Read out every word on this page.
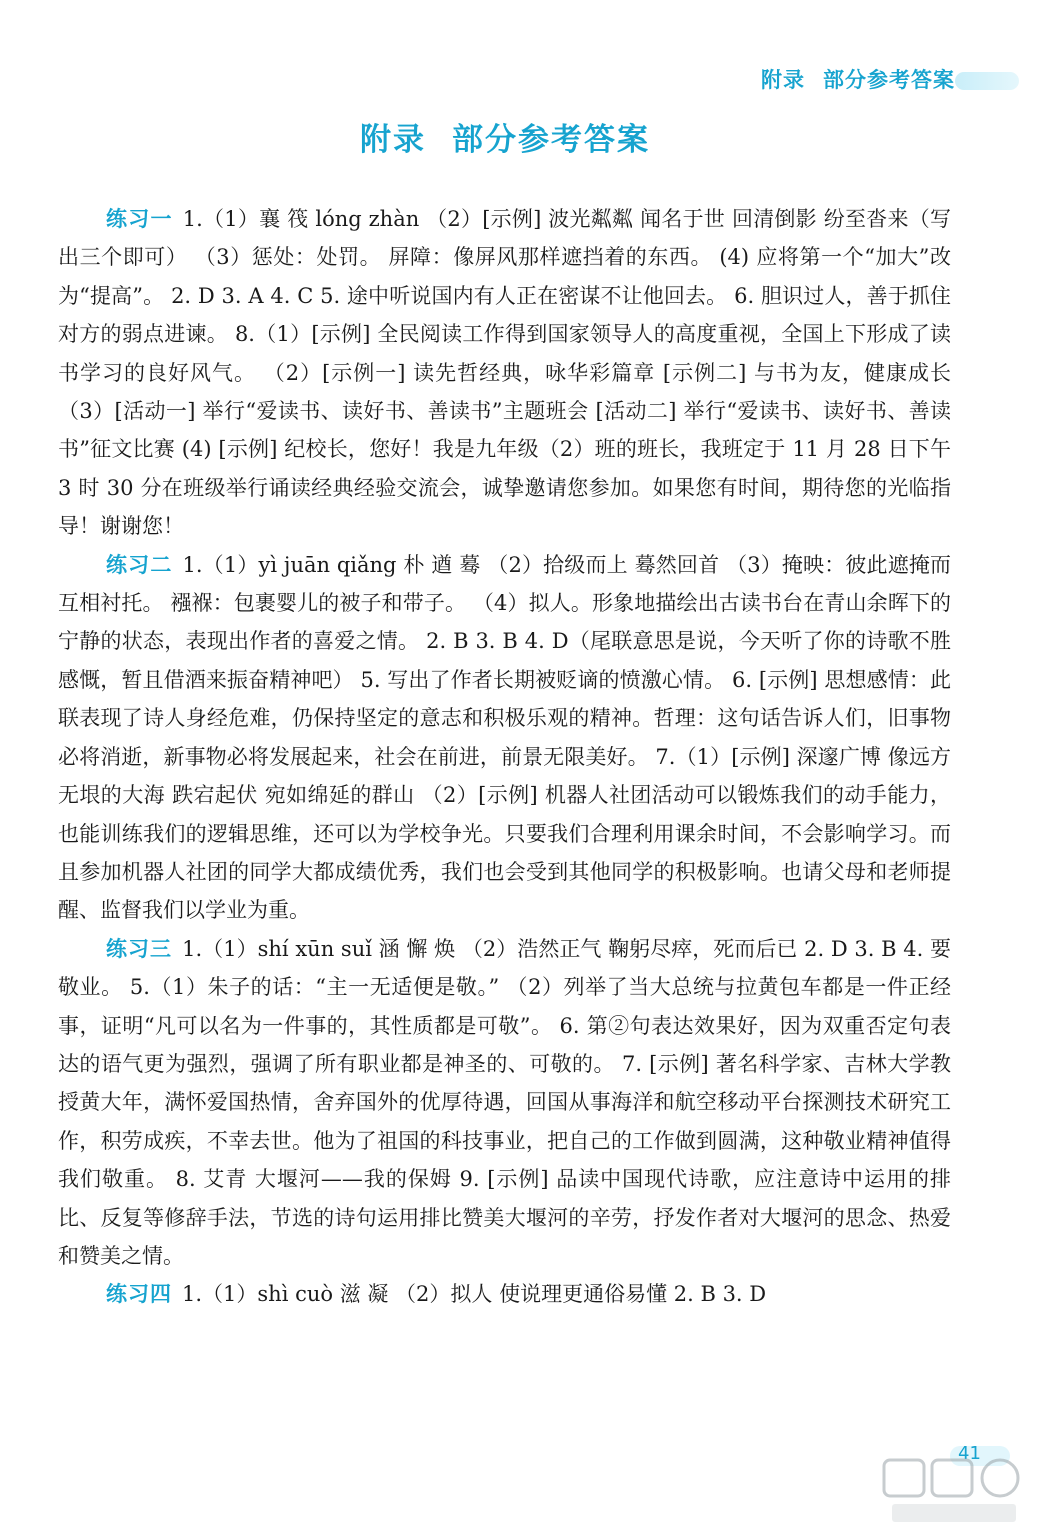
附录 部分参考答案
附录 部分参考答案

练习一 1.（1）襄 筏 lóng zhàn （2）[示例] 波光粼粼 闻名于世 回清倒影 纷至沓来（写出三个即可） （3）惩处：处罚。 屏障：像屏风那样遮挡着的东西。 (4) 应将第一个“加大”改为“提高”。 2. D 3. A 4. C 5. 途中听说国内有人正在密谋不让他回去。 6. 胆识过人，善于抓住对方的弱点进谏。 8.（1）[示例] 全民阅读工作得到国家领导人的高度重视，全国上下形成了读书学习的良好风气。 （2）[示例一] 读先哲经典，咏华彩篇章 [示例二] 与书为友，健康成长 （3）[活动一] 举行“爱读书、读好书、善读书”主题班会 [活动二] 举行“爱读书、读好书、善读书”征文比赛 (4) [示例] 纪校长，您好！我是九年级（2）班的班长，我班定于 11 月 28 日下午 3 时 30 分在班级举行诵读经典经验交流会，诚挚邀请您参加。如果您有时间，期待您的光临指导！谢谢您！

练习二 1.（1）yì juān qiǎng 朴 遒 蓦 （2）拾级而上 蓦然回首 （3）掩映：彼此遮掩而互相衬托。 襁褓：包裹婴儿的被子和带子。 （4）拟人。形象地描绘出古读书台在青山余晖下的宁静的状态，表现出作者的喜爱之情。 2. B 3. B 4. D（尾联意思是说，今天听了你的诗歌不胜感慨，暂且借酒来振奋精神吧） 5. 写出了作者长期被贬谪的愤激心情。 6. [示例] 思想感情：此联表现了诗人身经危难，仍保持坚定的意志和积极乐观的精神。哲理：这句话告诉人们，旧事物必将消逝，新事物必将发展起来，社会在前进，前景无限美好。 7.（1）[示例] 深邃广博 像远方无垠的大海 跌宕起伏 宛如绵延的群山 （2）[示例] 机器人社团活动可以锻炼我们的动手能力，也能训练我们的逻辑思维，还可以为学校争光。只要我们合理利用课余时间，不会影响学习。而且参加机器人社团的同学大都成绩优秀，我们也会受到其他同学的积极影响。也请父母和老师提醒、监督我们以学业为重。

练习三 1.（1）shí xūn suǐ 涵 懈 焕 （2）浩然正气 鞠躬尽瘁，死而后已 2. D 3. B 4. 要敬业。 5.（1）朱子的话：“主一无适便是敬。” （2）列举了当大总统与拉黄包车都是一件正经事，证明“凡可以名为一件事的，其性质都是可敬”。 6. 第②句表达效果好，因为双重否定句表达的语气更为强烈，强调了所有职业都是神圣的、可敬的。 7. [示例] 著名科学家、吉林大学教授黄大年，满怀爱国热情，舍弃国外的优厚待遇，回国从事海洋和航空移动平台探测技术研究工作，积劳成疾，不幸去世。他为了祖国的科技事业，把自己的工作做到圆满，这种敬业精神值得我们敬重。 8. 艾青 大堰河——我的保姆 9. [示例] 品读中国现代诗歌，应注意诗中运用的排比、反复等修辞手法，节选的诗句运用排比赞美大堰河的辛劳，抒发作者对大堰河的思念、热爱和赞美之情。

练习四 1.（1）shì cuò 滋 凝 （2）拟人 使说理更通俗易懂 2. B 3. D

41
